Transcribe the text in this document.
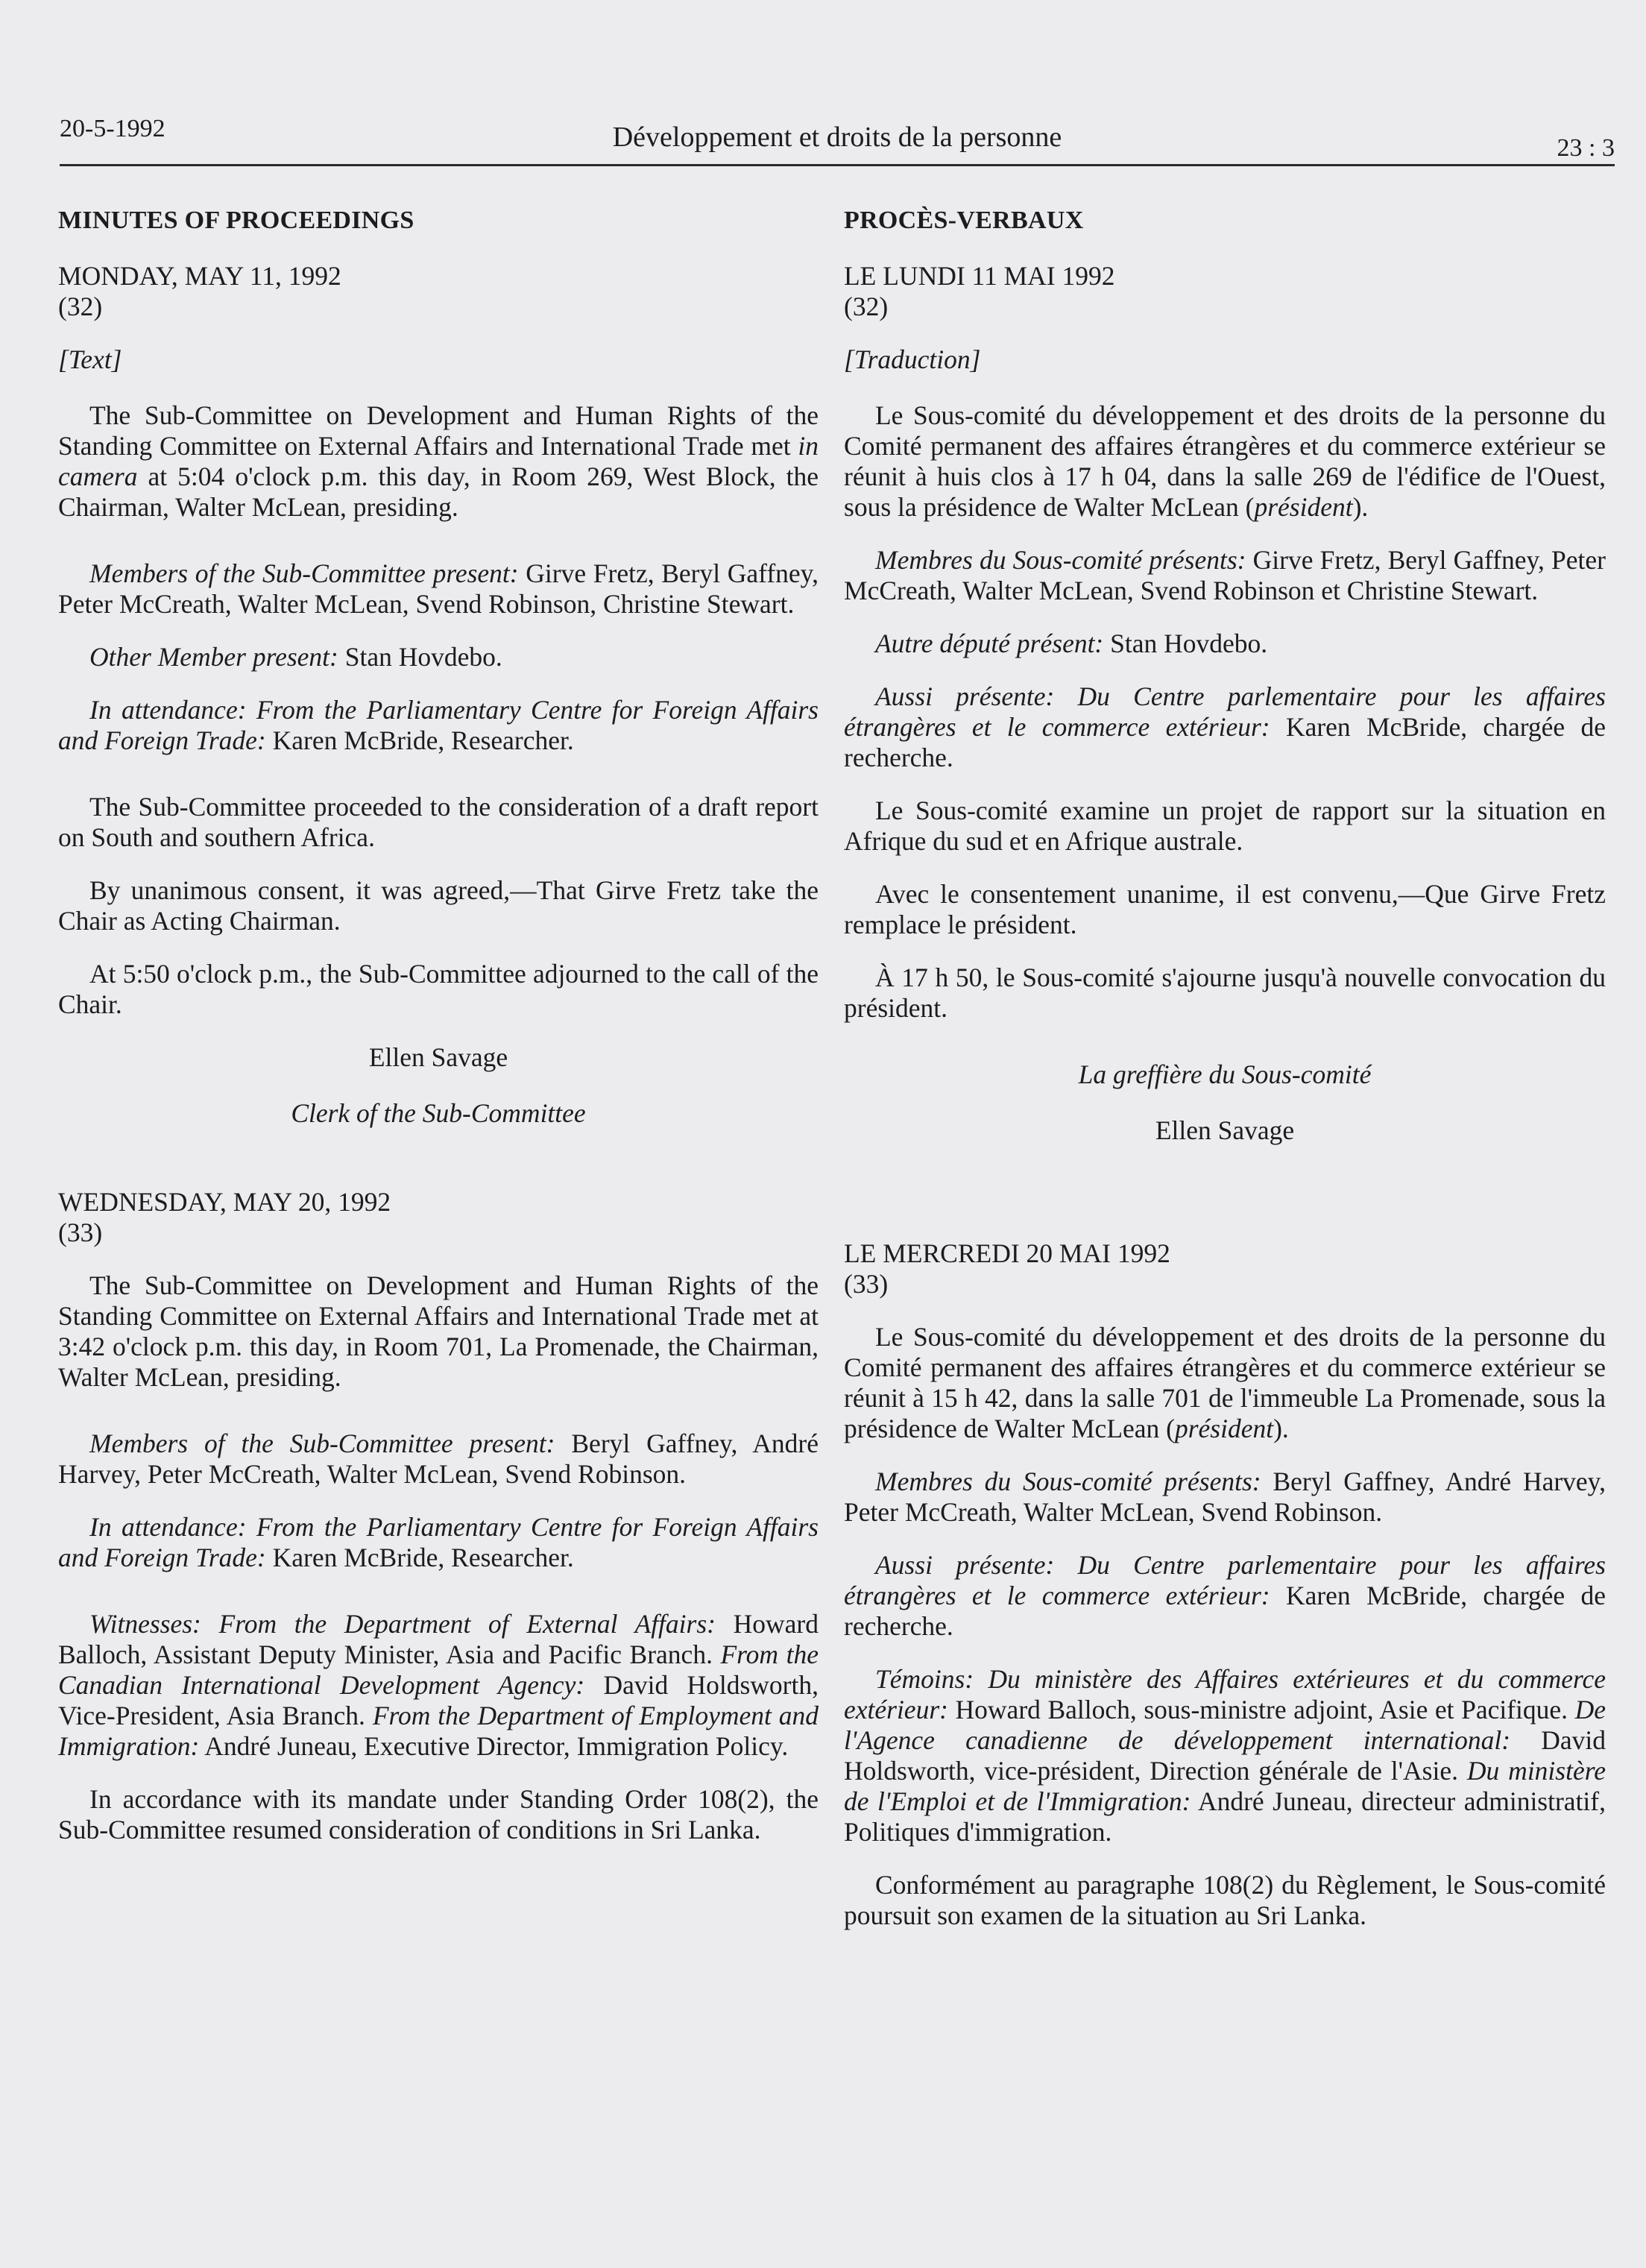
20-5-1992	Développement et droits de la personne	23 : 3
MINUTES OF PROCEEDINGS
MONDAY, MAY 11, 1992
(32)
[Text]

The Sub-Committee on Development and Human Rights of the Standing Committee on External Affairs and International Trade met in camera at 5:04 o'clock p.m. this day, in Room 269, West Block, the Chairman, Walter McLean, presiding.

Members of the Sub-Committee present: Girve Fretz, Beryl Gaffney, Peter McCreath, Walter McLean, Svend Robinson, Christine Stewart.

Other Member present: Stan Hovdebo.

In attendance: From the Parliamentary Centre for Foreign Affairs and Foreign Trade: Karen McBride, Researcher.

The Sub-Committee proceeded to the consideration of a draft report on South and southern Africa.

By unanimous consent, it was agreed,—That Girve Fretz take the Chair as Acting Chairman.

At 5:50 o'clock p.m., the Sub-Committee adjourned to the call of the Chair.

Ellen Savage
Clerk of the Sub-Committee
WEDNESDAY, MAY 20, 1992
(33)

The Sub-Committee on Development and Human Rights of the Standing Committee on External Affairs and International Trade met at 3:42 o'clock p.m. this day, in Room 701, La Promenade, the Chairman, Walter McLean, presiding.

Members of the Sub-Committee present: Beryl Gaffney, André Harvey, Peter McCreath, Walter McLean, Svend Robinson.

In attendance: From the Parliamentary Centre for Foreign Affairs and Foreign Trade: Karen McBride, Researcher.

Witnesses: From the Department of External Affairs: Howard Balloch, Assistant Deputy Minister, Asia and Pacific Branch. From the Canadian International Development Agency: David Holdsworth, Vice-President, Asia Branch. From the Department of Employment and Immigration: André Juneau, Executive Director, Immigration Policy.

In accordance with its mandate under Standing Order 108(2), the Sub-Committee resumed consideration of conditions in Sri Lanka.

PROCÈS-VERBAUX
LE LUNDI 11 MAI 1992
(32)
[Traduction]

Le Sous-comité du développement et des droits de la personne du Comité permanent des affaires étrangères et du commerce extérieur se réunit à huis clos à 17 h 04, dans la salle 269 de l'édifice de l'Ouest, sous la présidence de Walter McLean (président).

Membres du Sous-comité présents: Girve Fretz, Beryl Gaffney, Peter McCreath, Walter McLean, Svend Robinson et Christine Stewart.

Autre député présent: Stan Hovdebo.

Aussi présente: Du Centre parlementaire pour les affaires étrangères et le commerce extérieur: Karen McBride, chargée de recherche.

Le Sous-comité examine un projet de rapport sur la situation en Afrique du sud et en Afrique australe.

Avec le consentement unanime, il est convenu,—Que Girve Fretz remplace le président.

À 17 h 50, le Sous-comité s'ajourne jusqu'à nouvelle convocation du président.

La greffière du Sous-comité
Ellen Savage
LE MERCREDI 20 MAI 1992
(33)

Le Sous-comité du développement et des droits de la personne du Comité permanent des affaires étrangères et du commerce extérieur se réunit à 15 h 42, dans la salle 701 de l'immeuble La Promenade, sous la présidence de Walter McLean (président).

Membres du Sous-comité présents: Beryl Gaffney, André Harvey, Peter McCreath, Walter McLean, Svend Robinson.

Aussi présente: Du Centre parlementaire pour les affaires étrangères et le commerce extérieur: Karen McBride, chargée de recherche.

Témoins: Du ministère des Affaires extérieures et du commerce extérieur: Howard Balloch, sous-ministre adjoint, Asie et Pacifique. De l'Agence canadienne de développement international: David Holdsworth, vice-président, Direction générale de l'Asie. Du ministère de l'Emploi et de l'Immigration: André Juneau, directeur administratif, Politiques d'immigration.

Conformément au paragraphe 108(2) du Règlement, le Sous-comité poursuit son examen de la situation au Sri Lanka.
